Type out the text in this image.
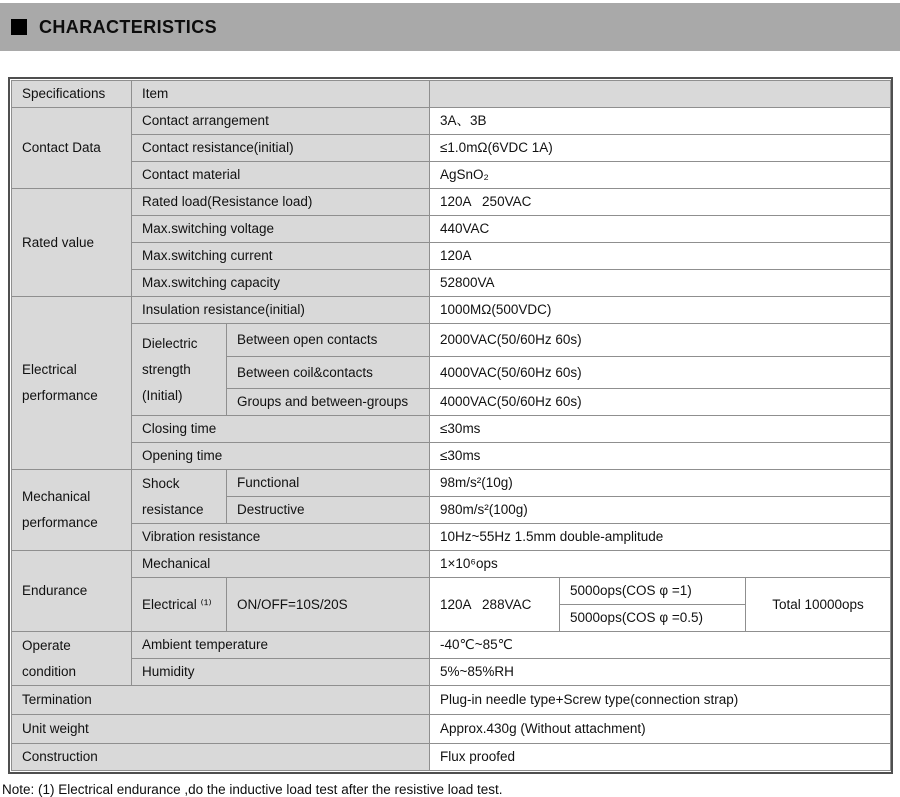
CHARACTERISTICS
Specifications	Item				
Contact Data	Contact arrangement		3A、3B		
	Contact resistance(initial)		≤1.0mΩ(6VDC 1A)		
	Contact material		AgSnO₂		
Rated value	Rated load(Resistance load)		120A   250VAC		
	Max.switching voltage		440VAC		
	Max.switching current		120A		
	Max.switching capacity		52800VA		
Electrical performance	Insulation resistance(initial)		1000MΩ(500VDC)		
	Dielectric strength (Initial)	Between open contacts	2000VAC(50/60Hz 60s)		
		Between coil&contacts	4000VAC(50/60Hz 60s)		
		Groups and between-groups	4000VAC(50/60Hz 60s)		
	Closing time		≤30ms		
	Opening time		≤30ms		
Mechanical performance	Shock resistance	Functional	98m/s²(10g)		
		Destructive	980m/s²(100g)		
	Vibration resistance		10Hz~55Hz 1.5mm double-amplitude		
Endurance	Mechanical		1×10⁶ops		
	Electrical ⁽¹⁾	ON/OFF=10S/20S	120A   288VAC	5000ops(COS φ =1)	Total 10000ops
				5000ops(COS φ =0.5)	
Operate condition	Ambient temperature		-40℃~85℃		
	Humidity		5%~85%RH		
Termination			Plug-in needle type+Screw type(connection strap)		
Unit weight			Approx.430g (Without attachment)		
Construction			Flux proofed		
Note: (1) Electrical endurance ,do the inductive load test after the resistive load test.
